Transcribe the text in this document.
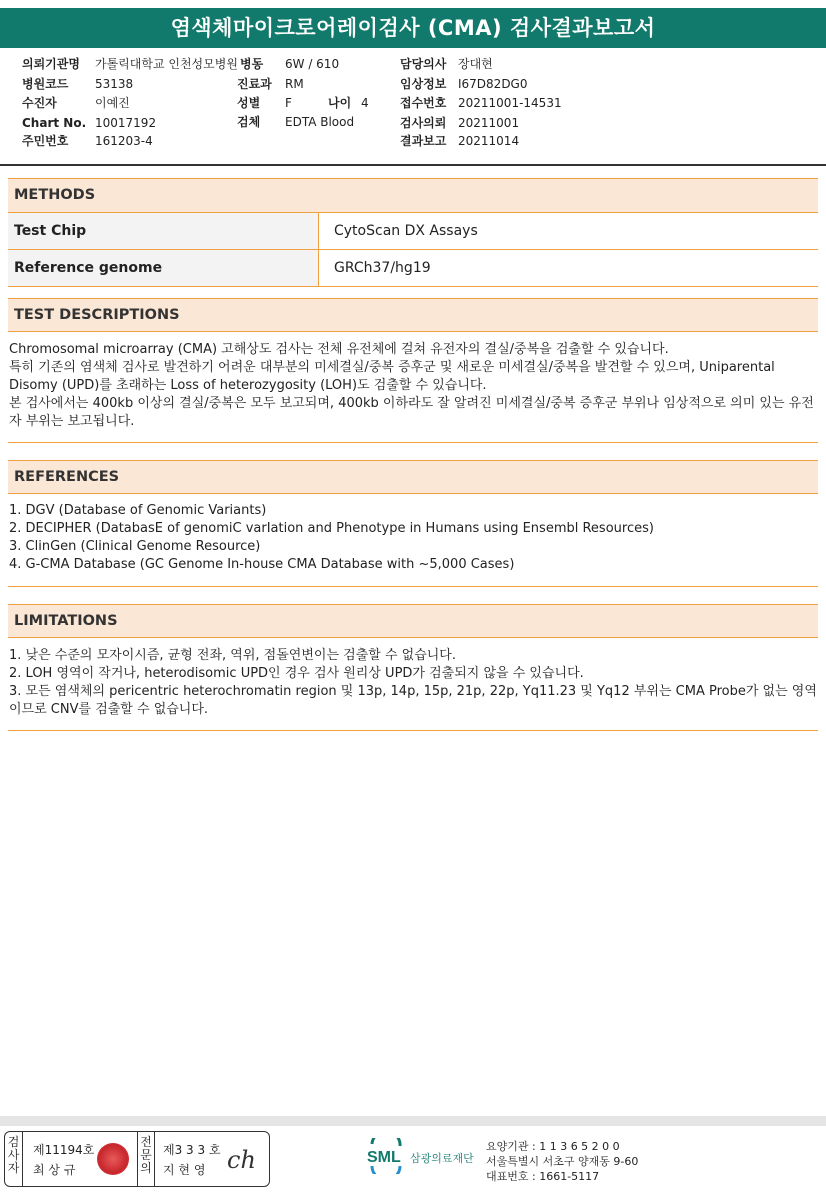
염색체마이크로어레이검사 (CMA) 검사결과보고서
의뢰기관명 가톨릭대학교 인천성모병원 병동 6W / 610	담당의사 장대현
병원코드 53138	진료과 RM	임상정보 I67D82DG0
수진자	이예진	성별 F	나이 4	접수번호 20211001-14531
Chart No. 10017192	검체 EDTA Blood	검사의뢰 20211001
주민번호 161203-4	결과보고 20211014
METHODS
Test Chip	CytoScan DX Assays
Reference genome	GRCh37/hg19
TEST DESCRIPTIONS

Chromosomal microarray (CMA) 고해상도 검사는 전체 유전체에 걸쳐 유전자의 결실/중복을 검출할 수 있습니다.

특히 기존의 염색체 검사로 발견하기 어려운 대부분의 미세결실/중복 증후군 및 새로운 미세결실/중복을 발견할 수 있으며, Uniparental Disomy (UPD)를 초래하는 Loss of heterozygosity (LOH)도 검출할 수 있습니다.

본 검사에서는 400kb 이상의 결실/중복은 모두 보고되며, 400kb 이하라도 잘 알려진 미세결실/중복 증후군 부위나 임상적으로 의미 있는 유전자 부위는 보고됩니다.

REFERENCES

1. DGV (Database of Genomic Variants)

2. DECIPHER (DatabasE of genomiC varIation and Phenotype in Humans using Ensembl Resources)

3. ClinGen (Clinical Genome Resource)

4. G-CMA Database (GC Genome In-house CMA Database with ~5,000 Cases)

LIMITATIONS

1. 낮은 수준의 모자이시즘, 균형 전좌, 역위, 점돌연변이는 검출할 수 없습니다.

2. LOH 영역이 작거나, heterodisomic UPD인 경우 검사 원리상 UPD가 검출되지 않을 수 있습니다.

3. 모든 염색체의 pericentric heterochromatin region 및 13p, 14p, 15p, 21p, 22p, Yq11.23 및 Yq12 부위는 CMA Probe가 없는 영역이므로 CNV를 검출할 수 없습니다.

검사자
제11194호
최 상 규
전문의
제3 3 3 호
지 현 영 ch	SML 삼광의료재단
요양기관 : 1 1 3 6 5 2 0 0
서울특별시 서초구 양재동 9-60
대표번호 : 1661-5117
